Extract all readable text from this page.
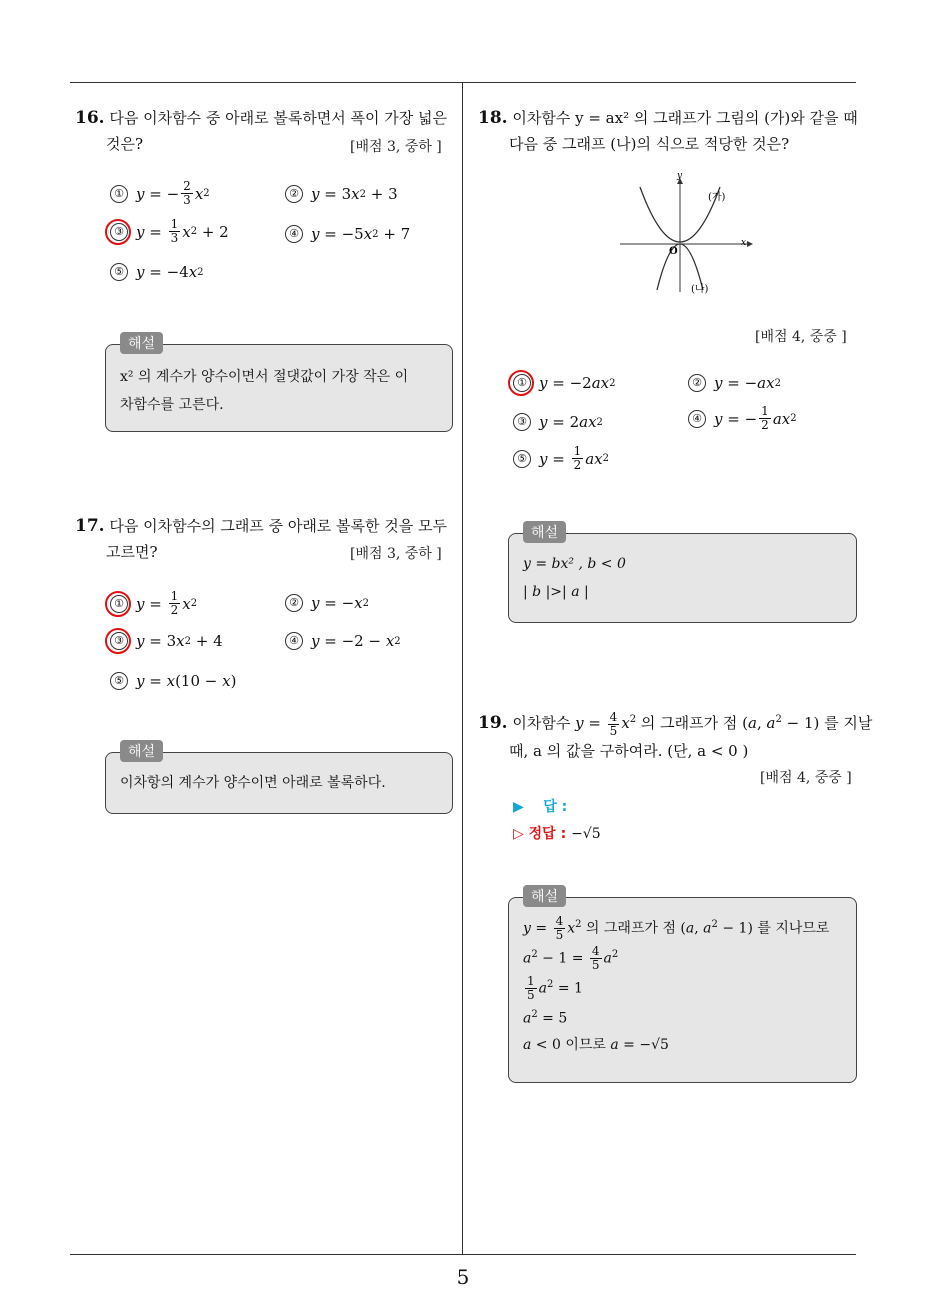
5
16. 다음 이차함수 중 아래로 볼록하면서 폭이 가장 넓은
것은?	[배점 3, 중하 ]
① y = − $\frac{2}{3}$ x 2	② y = 3 x 2 + 3
③ $y = \frac{1}{3}$ x 2 + 2	④ y = −5 x 2 + 7
⑤ y = −4 x 2
해설
x² 의 계수가 양수이면서 절댓값이 가장 작은 이
차함수를 고른다.
17. 다음 이차함수의 그래프 중 아래로 볼록한 것을 모두
고르면?	[배점 3, 중하 ]
① $y = \frac{1}{2}$ x 2	② y = − x 2
③ y = 3 x 2 + 4	④ y = −2 − x 2
⑤ y = x (10 − x )
해설
이차항의 계수가 양수이면 아래로 볼록하다.
18. 이차함수 y = ax² 의 그래프가 그림의 (가)와 같을 때
다음 중 그래프 (나)의 식으로 적당한 것은?
y
x
O
(가)
(나)
[배점 4, 중중 ]
① y = −2 ax 2	② y = − ax 2
③ y = 2 ax 2	④ y = − $\frac{1}{2}$ ax 2
⑤ $y = \frac{1}{2}$ ax 2
해설
y = bx² , b < 0
| b |>| a |
19. 이차함수 $y = \frac{4}{5} x^2$ 의 그래프가 점 (a, $a^2 - 1$) 를 지날
때, a 의 값을 구하여라. (단, a < 0 )
[배점 4, 중중 ]
▶ 답 :
▷ 정답 : −√5
해설
$y = \frac{4}{5} x^2$ 의 그래프가 점 (a, $a^2 - 1$) 를 지나므로
$a^2 - 1 = \frac{4}{5} a^2$
$\frac{1}{5} a^2 = 1$
$a^2 = 5$
a < 0 이므로 a = −√5
